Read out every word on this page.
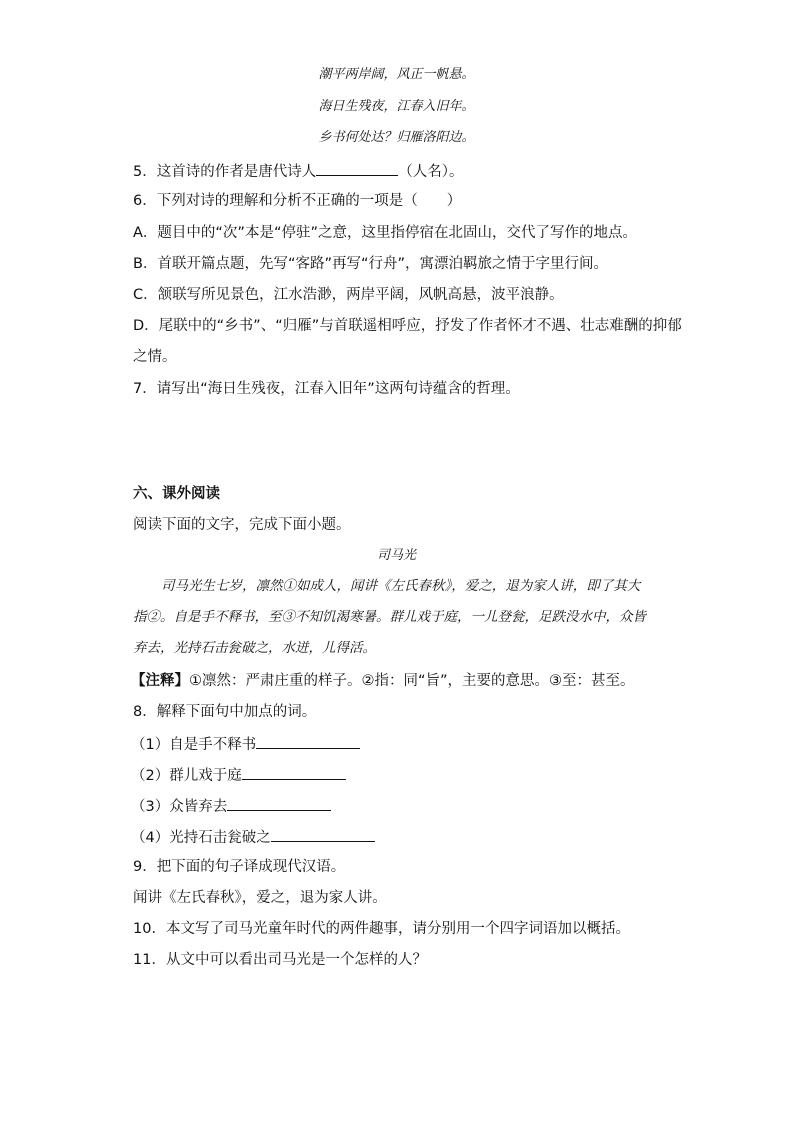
潮平两岸阔，风正一帆悬。
海日生残夜，江春入旧年。
乡书何处达？归雁洛阳边。
5．这首诗的作者是唐代诗人	（人名）。
6．下列对诗的理解和分析不正确的一项是（　　）
A．题目中的“次”本是“停驻”之意，这里指停宿在北固山，交代了写作的地点。
B．首联开篇点题，先写“客路”再写“行舟”，寓漂泊羁旅之情于字里行间。
C．颔联写所见景色，江水浩渺，两岸平阔，风帆高悬，波平浪静。
D．尾联中的“乡书”、“归雁”与首联遥相呼应，抒发了作者怀才不遇、壮志难酬的抑郁
之情。
7．请写出“海日生残夜，江春入旧年”这两句诗蕴含的哲理。
六、课外阅读
阅读下面的文字，完成下面小题。
司马光
司马光生七岁，凛然①如成人，闻讲《左氏春秋》，爱之，退为家人讲，即了其大
指②。自是手不释书，至③不知饥渴寒暑。群儿戏于庭，一儿登瓮，足跌没水中，众皆
弃去，光持石击瓮破之，水迸，儿得活。
【注释】①凛然：严肃庄重的样子。②指：同“旨”，主要的意思。③至：甚至。
8．解释下面句中加点的词。
（1）自是手不释书
（2）群儿戏于庭
（3）众皆弃去
（4）光持石击瓮破之
9．把下面的句子译成现代汉语。
闻讲《左氏春秋》，爱之，退为家人讲。
10．本文写了司马光童年时代的两件趣事，请分别用一个四字词语加以概括。
11．从文中可以看出司马光是一个怎样的人？
